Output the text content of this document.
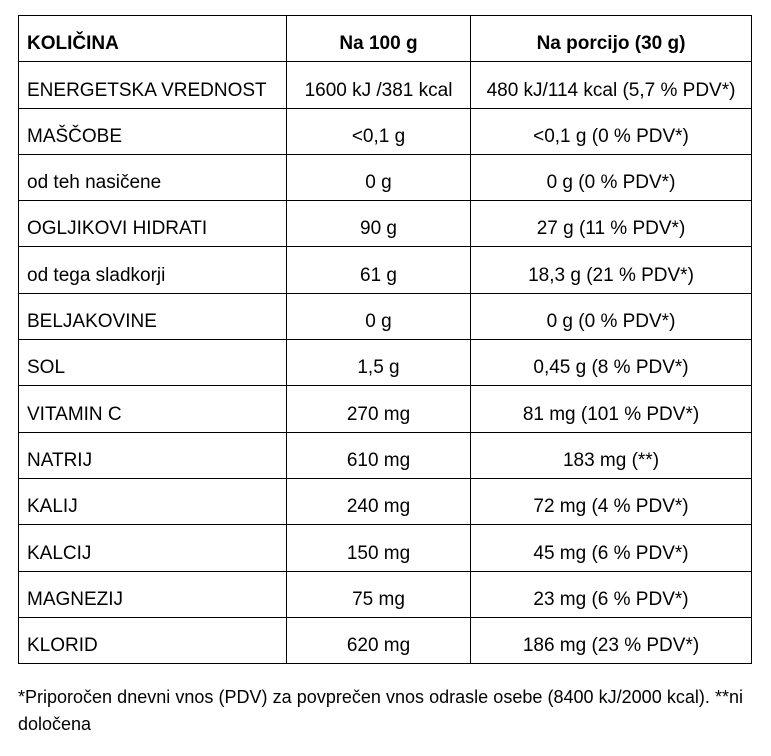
KOLIČINA	Na 100 g	Na porcijo (30 g)
ENERGETSKA VREDNOST	1600 kJ /381 kcal	480 kJ/114 kcal (5,7 % PDV*)
MAŠČOBE	<0,1 g	<0,1 g (0 % PDV*)
od teh nasičene	0 g	0 g (0 % PDV*)
OGLJIKOVI HIDRATI	90 g	27 g (11 % PDV*)
od tega sladkorji	61 g	18,3 g (21 % PDV*)
BELJAKOVINE	0 g	0 g (0 % PDV*)
SOL	1,5 g	0,45 g (8 % PDV*)
VITAMIN C	270 mg	81 mg (101 % PDV*)
NATRIJ	610 mg	183 mg (**)
KALIJ	240 mg	72 mg (4 % PDV*)
KALCIJ	150 mg	45 mg (6 % PDV*)
MAGNEZIJ	75 mg	23 mg (6 % PDV*)
KLORID	620 mg	186 mg (23 % PDV*)
*Priporočen dnevni vnos (PDV) za povprečen vnos odrasle osebe (8400 kJ/2000 kcal). **ni določena
